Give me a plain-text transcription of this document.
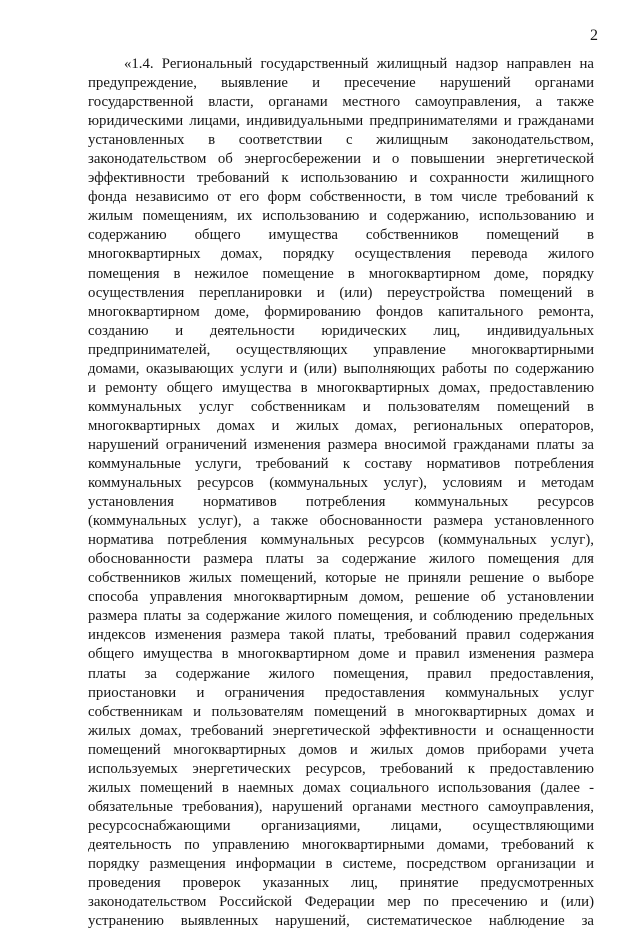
2
«1.4. Региональный государственный жилищный надзор направлен на
предупреждение, выявление и пресечение нарушений органами
государственной власти, органами местного самоуправления, а также
юридическими лицами, индивидуальными предпринимателями и гражданами
установленных в соответствии с жилищным законодательством,
законодательством об энергосбережении и о повышении энергетической
эффективности требований к использованию и сохранности жилищного
фонда независимо от его форм собственности, в том числе требований к
жилым помещениям, их использованию и содержанию, использованию и
содержанию общего имущества собственников помещений в
многоквартирных домах, порядку осуществления перевода жилого
помещения в нежилое помещение в многоквартирном доме, порядку
осуществления перепланировки и (или) переустройства помещений в
многоквартирном доме, формированию фондов капитального ремонта,
созданию и деятельности юридических лиц, индивидуальных
предпринимателей, осуществляющих управление многоквартирными
домами, оказывающих услуги и (или) выполняющих работы по содержанию
и ремонту общего имущества в многоквартирных домах, предоставлению
коммунальных услуг собственникам и пользователям помещений в
многоквартирных домах и жилых домах, региональных операторов,
нарушений ограничений изменения размера вносимой гражданами платы за
коммунальные услуги, требований к составу нормативов потребления
коммунальных ресурсов (коммунальных услуг), условиям и методам
установления нормативов потребления коммунальных ресурсов
(коммунальных услуг), а также обоснованности размера установленного
норматива потребления коммунальных ресурсов (коммунальных услуг),
обоснованности размера платы за содержание жилого помещения для
собственников жилых помещений, которые не приняли решение о выборе
способа управления многоквартирным домом, решение об установлении
размера платы за содержание жилого помещения, и соблюдению предельных
индексов изменения размера такой платы, требований правил содержания
общего имущества в многоквартирном доме и правил изменения размера
платы за содержание жилого помещения, правил предоставления,
приостановки и ограничения предоставления коммунальных услуг
собственникам и пользователям помещений в многоквартирных домах и
жилых домах, требований энергетической эффективности и оснащенности
помещений многоквартирных домов и жилых домов приборами учета
используемых энергетических ресурсов, требований к предоставлению
жилых помещений в наемных домах социального использования (далее -
обязательные требования), нарушений органами местного самоуправления,
ресурсоснабжающими организациями, лицами, осуществляющими
деятельность по управлению многоквартирными домами, требований к
порядку размещения информации в системе, посредством организации и
проведения проверок указанных лиц, принятие предусмотренных
законодательством Российской Федерации мер по пресечению и (или)
устранению выявленных нарушений, систематическое наблюдение за
